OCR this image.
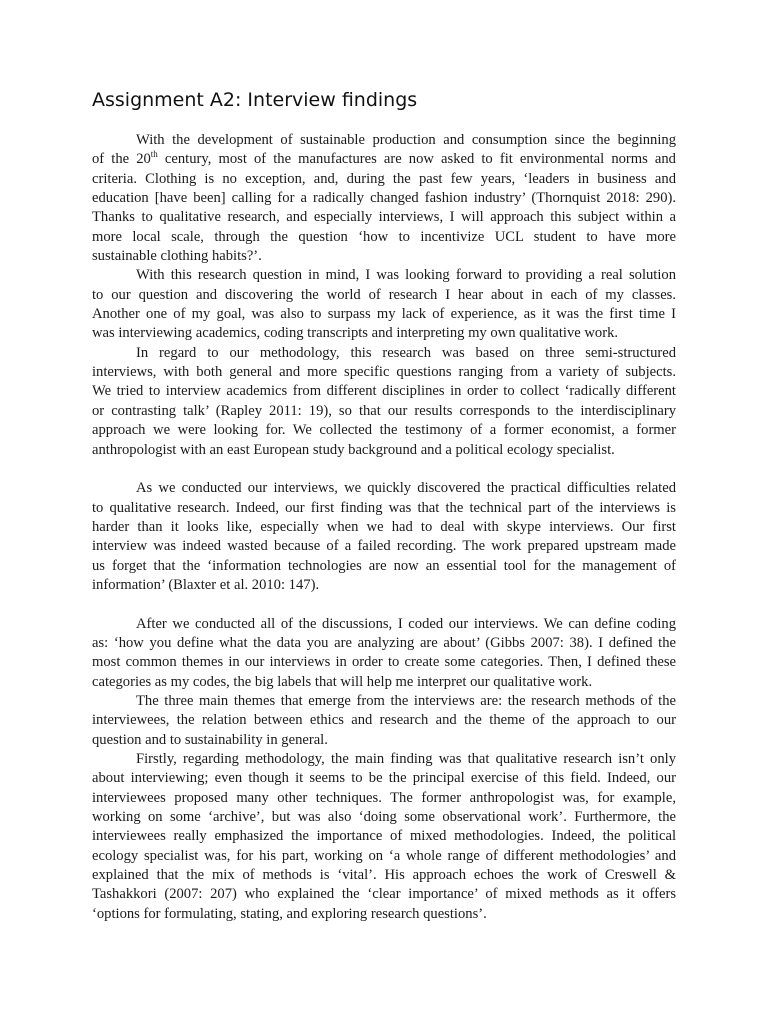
Assignment A2: Interview findings
With the development of sustainable production and consumption since the beginning
of the 20th century, most of the manufactures are now asked to fit environmental norms and
criteria. Clothing is no exception, and, during the past few years, ‘leaders in business and
education [have been] calling for a radically changed fashion industry’ (Thornquist 2018: 290).
Thanks to qualitative research, and especially interviews, I will approach this subject within a
more local scale, through the question ‘how to incentivize UCL student to have more
sustainable clothing habits?’.
With this research question in mind, I was looking forward to providing a real solution
to our question and discovering the world of research I hear about in each of my classes.
Another one of my goal, was also to surpass my lack of experience, as it was the first time I
was interviewing academics, coding transcripts and interpreting my own qualitative work.
In regard to our methodology, this research was based on three semi-structured
interviews, with both general and more specific questions ranging from a variety of subjects.
We tried to interview academics from different disciplines in order to collect ‘radically different
or contrasting talk’ (Rapley 2011: 19), so that our results corresponds to the interdisciplinary
approach we were looking for. We collected the testimony of a former economist, a former
anthropologist with an east European study background and a political ecology specialist.
As we conducted our interviews, we quickly discovered the practical difficulties related
to qualitative research. Indeed, our first finding was that the technical part of the interviews is
harder than it looks like, especially when we had to deal with skype interviews. Our first
interview was indeed wasted because of a failed recording. The work prepared upstream made
us forget that the ‘information technologies are now an essential tool for the management of
information’ (Blaxter et al. 2010: 147).
After we conducted all of the discussions, I coded our interviews. We can define coding
as: ‘how you define what the data you are analyzing are about’ (Gibbs 2007: 38). I defined the
most common themes in our interviews in order to create some categories. Then, I defined these
categories as my codes, the big labels that will help me interpret our qualitative work.
The three main themes that emerge from the interviews are: the research methods of the
interviewees, the relation between ethics and research and the theme of the approach to our
question and to sustainability in general.
Firstly, regarding methodology, the main finding was that qualitative research isn’t only
about interviewing; even though it seems to be the principal exercise of this field. Indeed, our
interviewees proposed many other techniques. The former anthropologist was, for example,
working on some ‘archive’, but was also ‘doing some observational work’. Furthermore, the
interviewees really emphasized the importance of mixed methodologies. Indeed, the political
ecology specialist was, for his part, working on ‘a whole range of different methodologies’ and
explained that the mix of methods is ‘vital’. His approach echoes the work of Creswell &
Tashakkori (2007: 207) who explained the ‘clear importance’ of mixed methods as it offers
‘options for formulating, stating, and exploring research questions’.
